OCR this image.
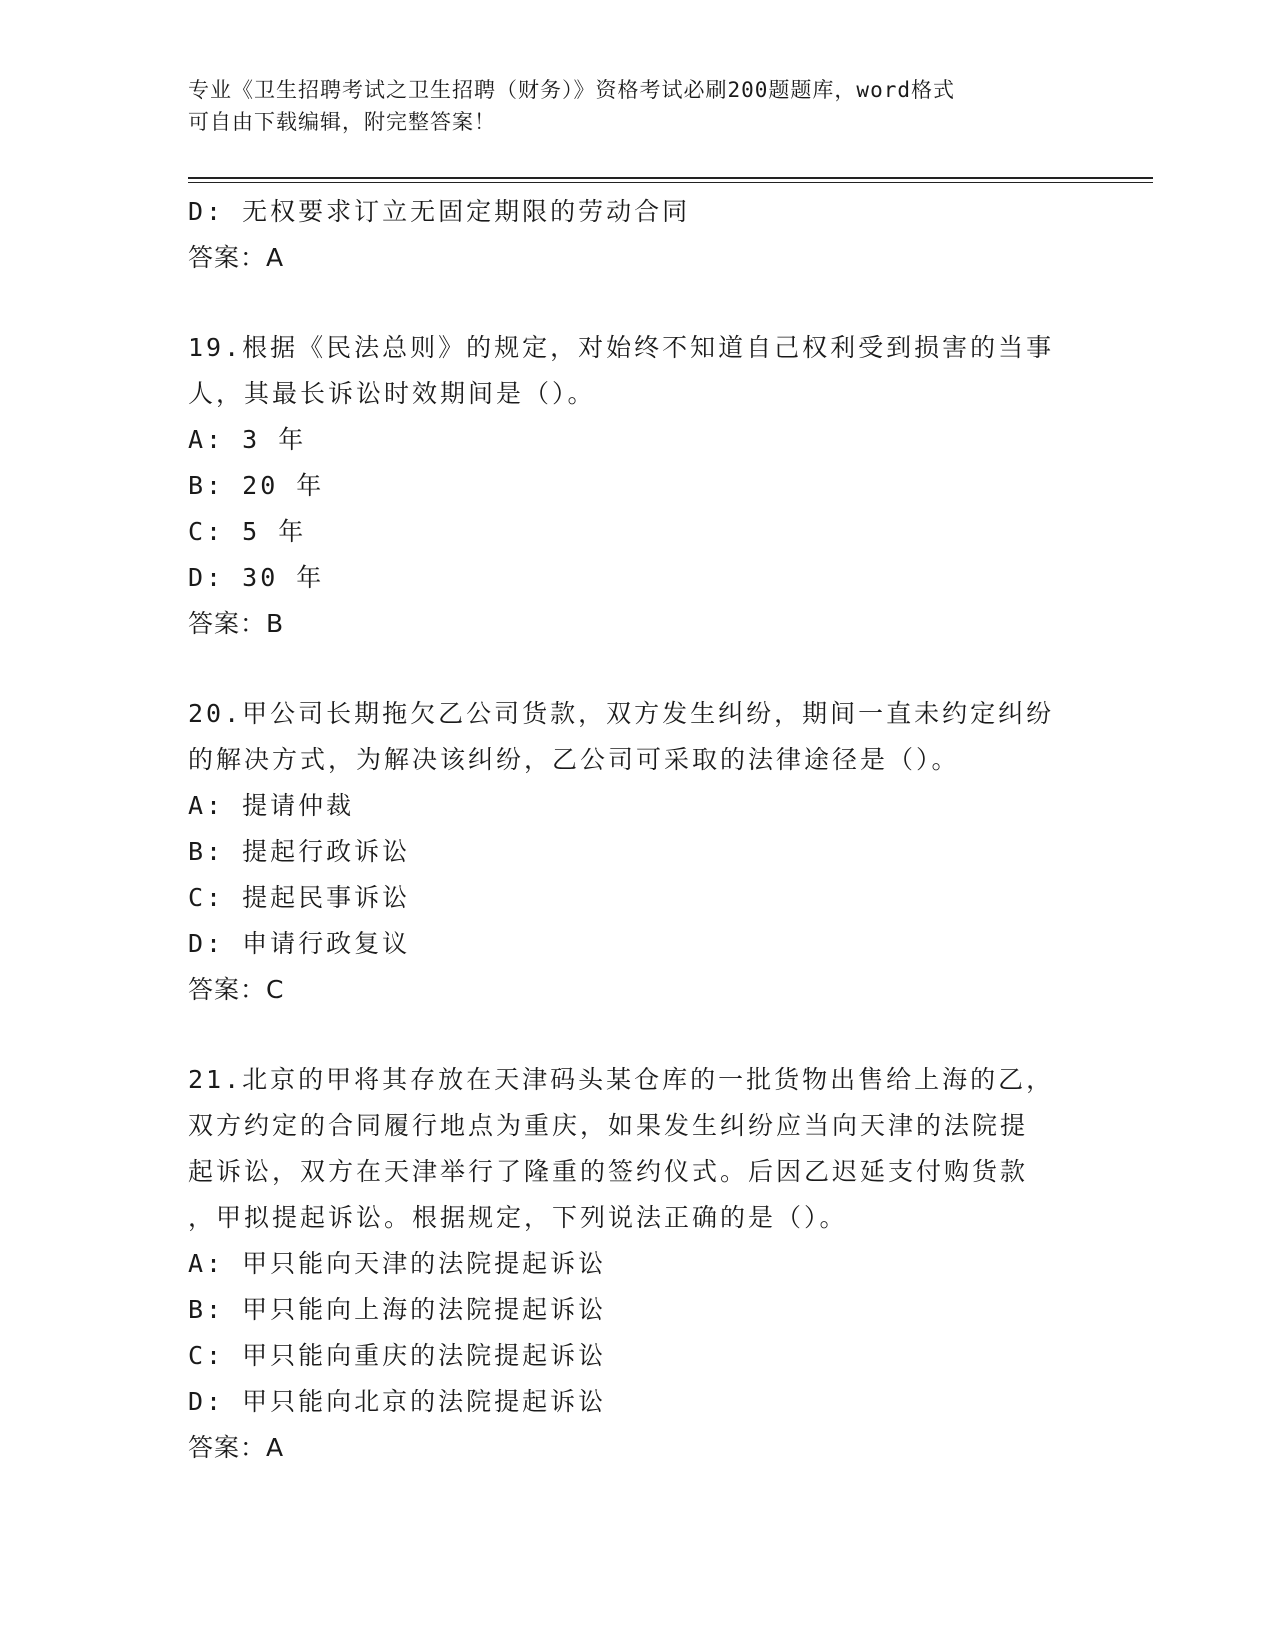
专业《卫生招聘考试之卫生招聘（财务）》资格考试必刷200题题库，word格式
可自由下载编辑，附完整答案！
D: 无权要求订立无固定期限的劳动合同
答案：A
19.根据《民法总则》的规定，对始终不知道自己权利受到损害的当事
人，其最长诉讼时效期间是（）。
A: 3 年
B: 20 年
C: 5 年
D: 30 年
答案：B
20.甲公司长期拖欠乙公司货款，双方发生纠纷，期间一直未约定纠纷
的解决方式，为解决该纠纷，乙公司可采取的法律途径是（）。
A: 提请仲裁
B: 提起行政诉讼
C: 提起民事诉讼
D: 申请行政复议
答案：C
21.北京的甲将其存放在天津码头某仓库的一批货物出售给上海的乙，
双方约定的合同履行地点为重庆，如果发生纠纷应当向天津的法院提
起诉讼，双方在天津举行了隆重的签约仪式。后因乙迟延支付购货款
，甲拟提起诉讼。根据规定，下列说法正确的是（）。
A: 甲只能向天津的法院提起诉讼
B: 甲只能向上海的法院提起诉讼
C: 甲只能向重庆的法院提起诉讼
D: 甲只能向北京的法院提起诉讼
答案：A
